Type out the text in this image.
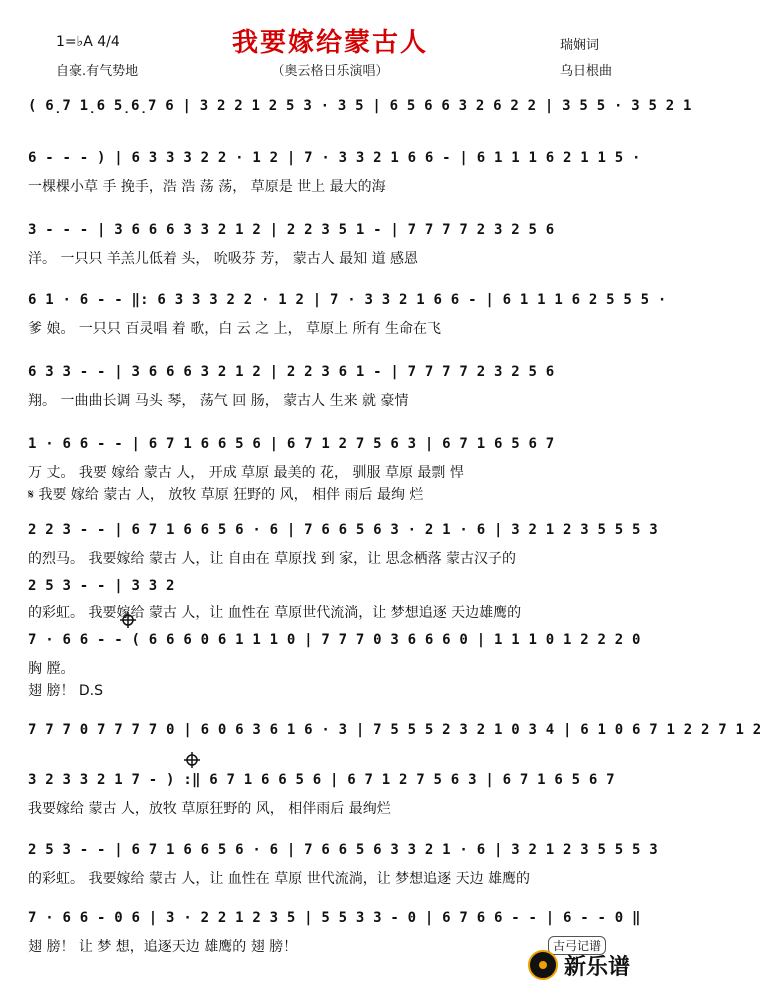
我要嫁给蒙古人
（奥云格日乐演唱）
1=♭A 4/4
自豪.有气势地
瑞娴词
乌日根曲
( 6̣7 1̣6 5̣6̣7 6 | 3 2 2 1 2 5 3 · 3 5 | 6 5 6 6 3 2 6 2 2 | 3 5 5 · 3 5 2 1
6 - - - ) | 6 3 3 3 2 2 · 1 2 | 7 · 3 3 2 1 6 6 - | 6 1 1 1 6 2 1 1 5 ·
一棵棵小草 手 挽手，浩 浩 荡 荡， 草原是 世上 最大的海
3 - - - | 3 6 6 6 3 3 2 1 2 | 2 2 3 5 1 - | 7 7 7 7 2 3 2 5 6
洋。 一只只 羊羔儿低着 头， 吮吸芬 芳， 蒙古人 最知 道 感恩
6 1 · 6 - - ‖: 6 3 3 3 2 2 · 1 2 | 7 · 3 3 2 1 6 6 - | 6 1 1 1 6 2 5 5 5 ·
爹 娘。 一只只 百灵唱 着 歌，白 云 之 上， 草原上 所有 生命在飞
6 3 3 - - | 3 6 6 6 3 2 1 2 | 2 2 3 6 1 - | 7 7 7 7 2 3 2 5 6
翔。 一曲曲长调 马头 琴， 荡气 回 肠， 蒙古人 生来 就 豪情
1 · 6 6 - - | 6 7 1 6 6 5 6 | 6 7 1 2 7 5 6 3 | 6 7 1 6 5 6 7
万 丈。 我要 嫁给 蒙古 人， 开成 草原 最美的 花， 驯服 草原 最剽 悍
𝄋 我要 嫁给 蒙古 人， 放牧 草原 狂野的 风， 相伴 雨后 最绚 烂
2 2 3 - - | 6 7 1 6 6 5 6 · 6 | 7 6 6 5 6 3 · 2 1 · 6 | 3 2 1 2 3 5 5 5 3
的烈马。 我要嫁给 蒙古 人，让 自由在 草原找 到 家，让 思念栖落 蒙古汉子的
2 5 3 - - | 3 3 2
的彩虹。 我要嫁给 蒙古 人，让 血性在 草原世代流淌，让 梦想追逐 天边雄鹰的
7 · 6 6 - - ( 6 6 6 0 6 1 1 1 0 | 7 7 7 0 3 6 6 6 0 | 1 1 1 0 1 2 2 2 0
胸 膛。
翅 膀！ D.S
7 7 7 0 7 7 7 7 0 | 6 0 6 3 6 1 6 · 3 | 7 5 5 5 2 3 2 1 0 3 4 | 6 1 0 6 7 1 2 2 7 1 2
3 2 3 3 2 1 7 - ) :‖ 6 7 1 6 6 5 6 | 6 7 1 2 7 5 6 3 | 6 7 1 6 5 6 7
我要嫁给 蒙古 人，放牧 草原狂野的 风， 相伴雨后 最绚烂
2 5 3 - - | 6 7 1 6 6 5 6 · 6 | 7 6 6 5 6 3 3 2 1 · 6 | 3 2 1 2 3 5 5 5 3
的彩虹。 我要嫁给 蒙古 人，让 血性在 草原 世代流淌，让 梦想追逐 天边 雄鹰的
7 · 6 6 - 0 6 | 3 · 2 2 1 2 3 5 | 5 5 3 3 - 0 | 6 7 6 6 - - | 6 - - 0 ‖
翅 膀！ 让 梦 想，追逐天边 雄鹰的 翅 膀！	古弓记谱
新乐谱
